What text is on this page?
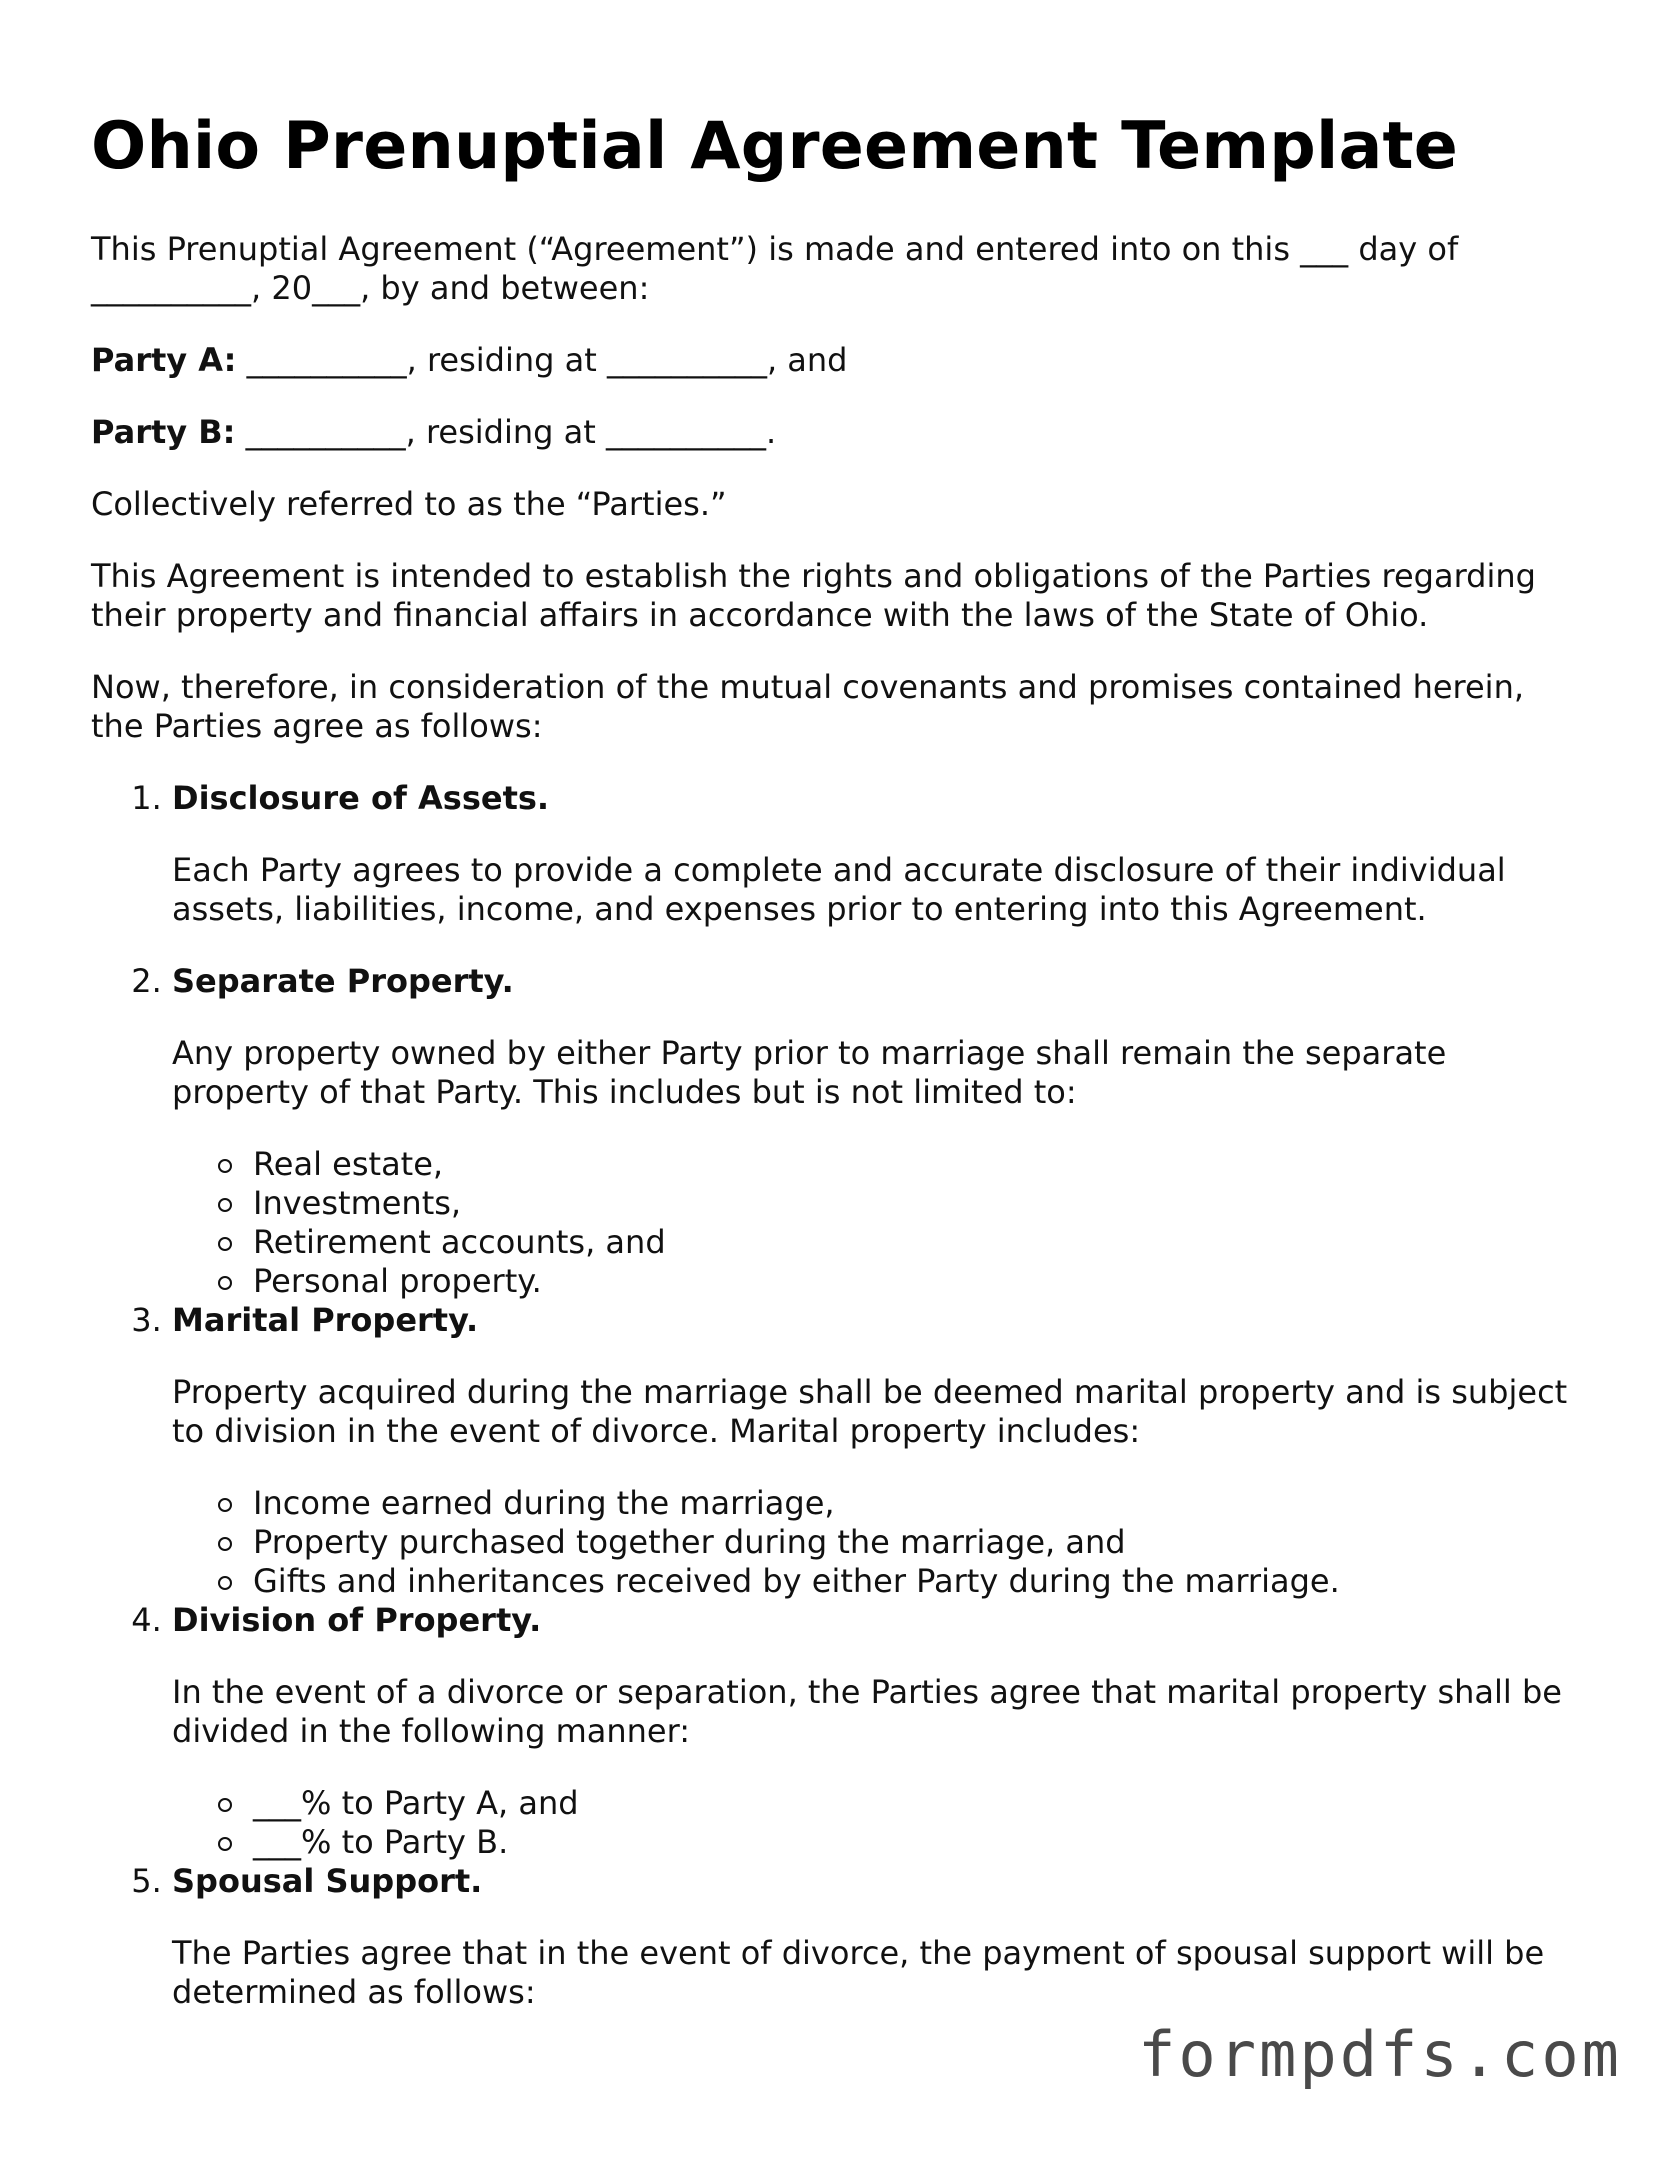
Ohio Prenuptial Agreement Template

This Prenuptial Agreement (“Agreement”) is made and entered into on this ___ day of __________, 20___, by and between:

Party A: __________, residing at __________, and

Party B: __________, residing at __________.

Collectively referred to as the “Parties.”

This Agreement is intended to establish the rights and obligations of the Parties regarding their property and financial affairs in accordance with the laws of the State of Ohio.

Now, therefore, in consideration of the mutual covenants and promises contained herein, the Parties agree as follows:

1. Disclosure of Assets.
Each Party agrees to provide a complete and accurate disclosure of their individual assets, liabilities, income, and expenses prior to entering into this Agreement.
2. Separate Property.
Any property owned by either Party prior to marriage shall remain the separate property of that Party. This includes but is not limited to:
Real estate,
Investments,
Retirement accounts, and
Personal property.
3. Marital Property.
Property acquired during the marriage shall be deemed marital property and is subject to division in the event of divorce. Marital property includes:
Income earned during the marriage,
Property purchased together during the marriage, and
Gifts and inheritances received by either Party during the marriage.
4. Division of Property.
In the event of a divorce or separation, the Parties agree that marital property shall be divided in the following manner:
___% to Party A, and
___% to Party B.
5. Spousal Support.
The Parties agree that in the event of divorce, the payment of spousal support will be determined as follows:
formpdfs.com
